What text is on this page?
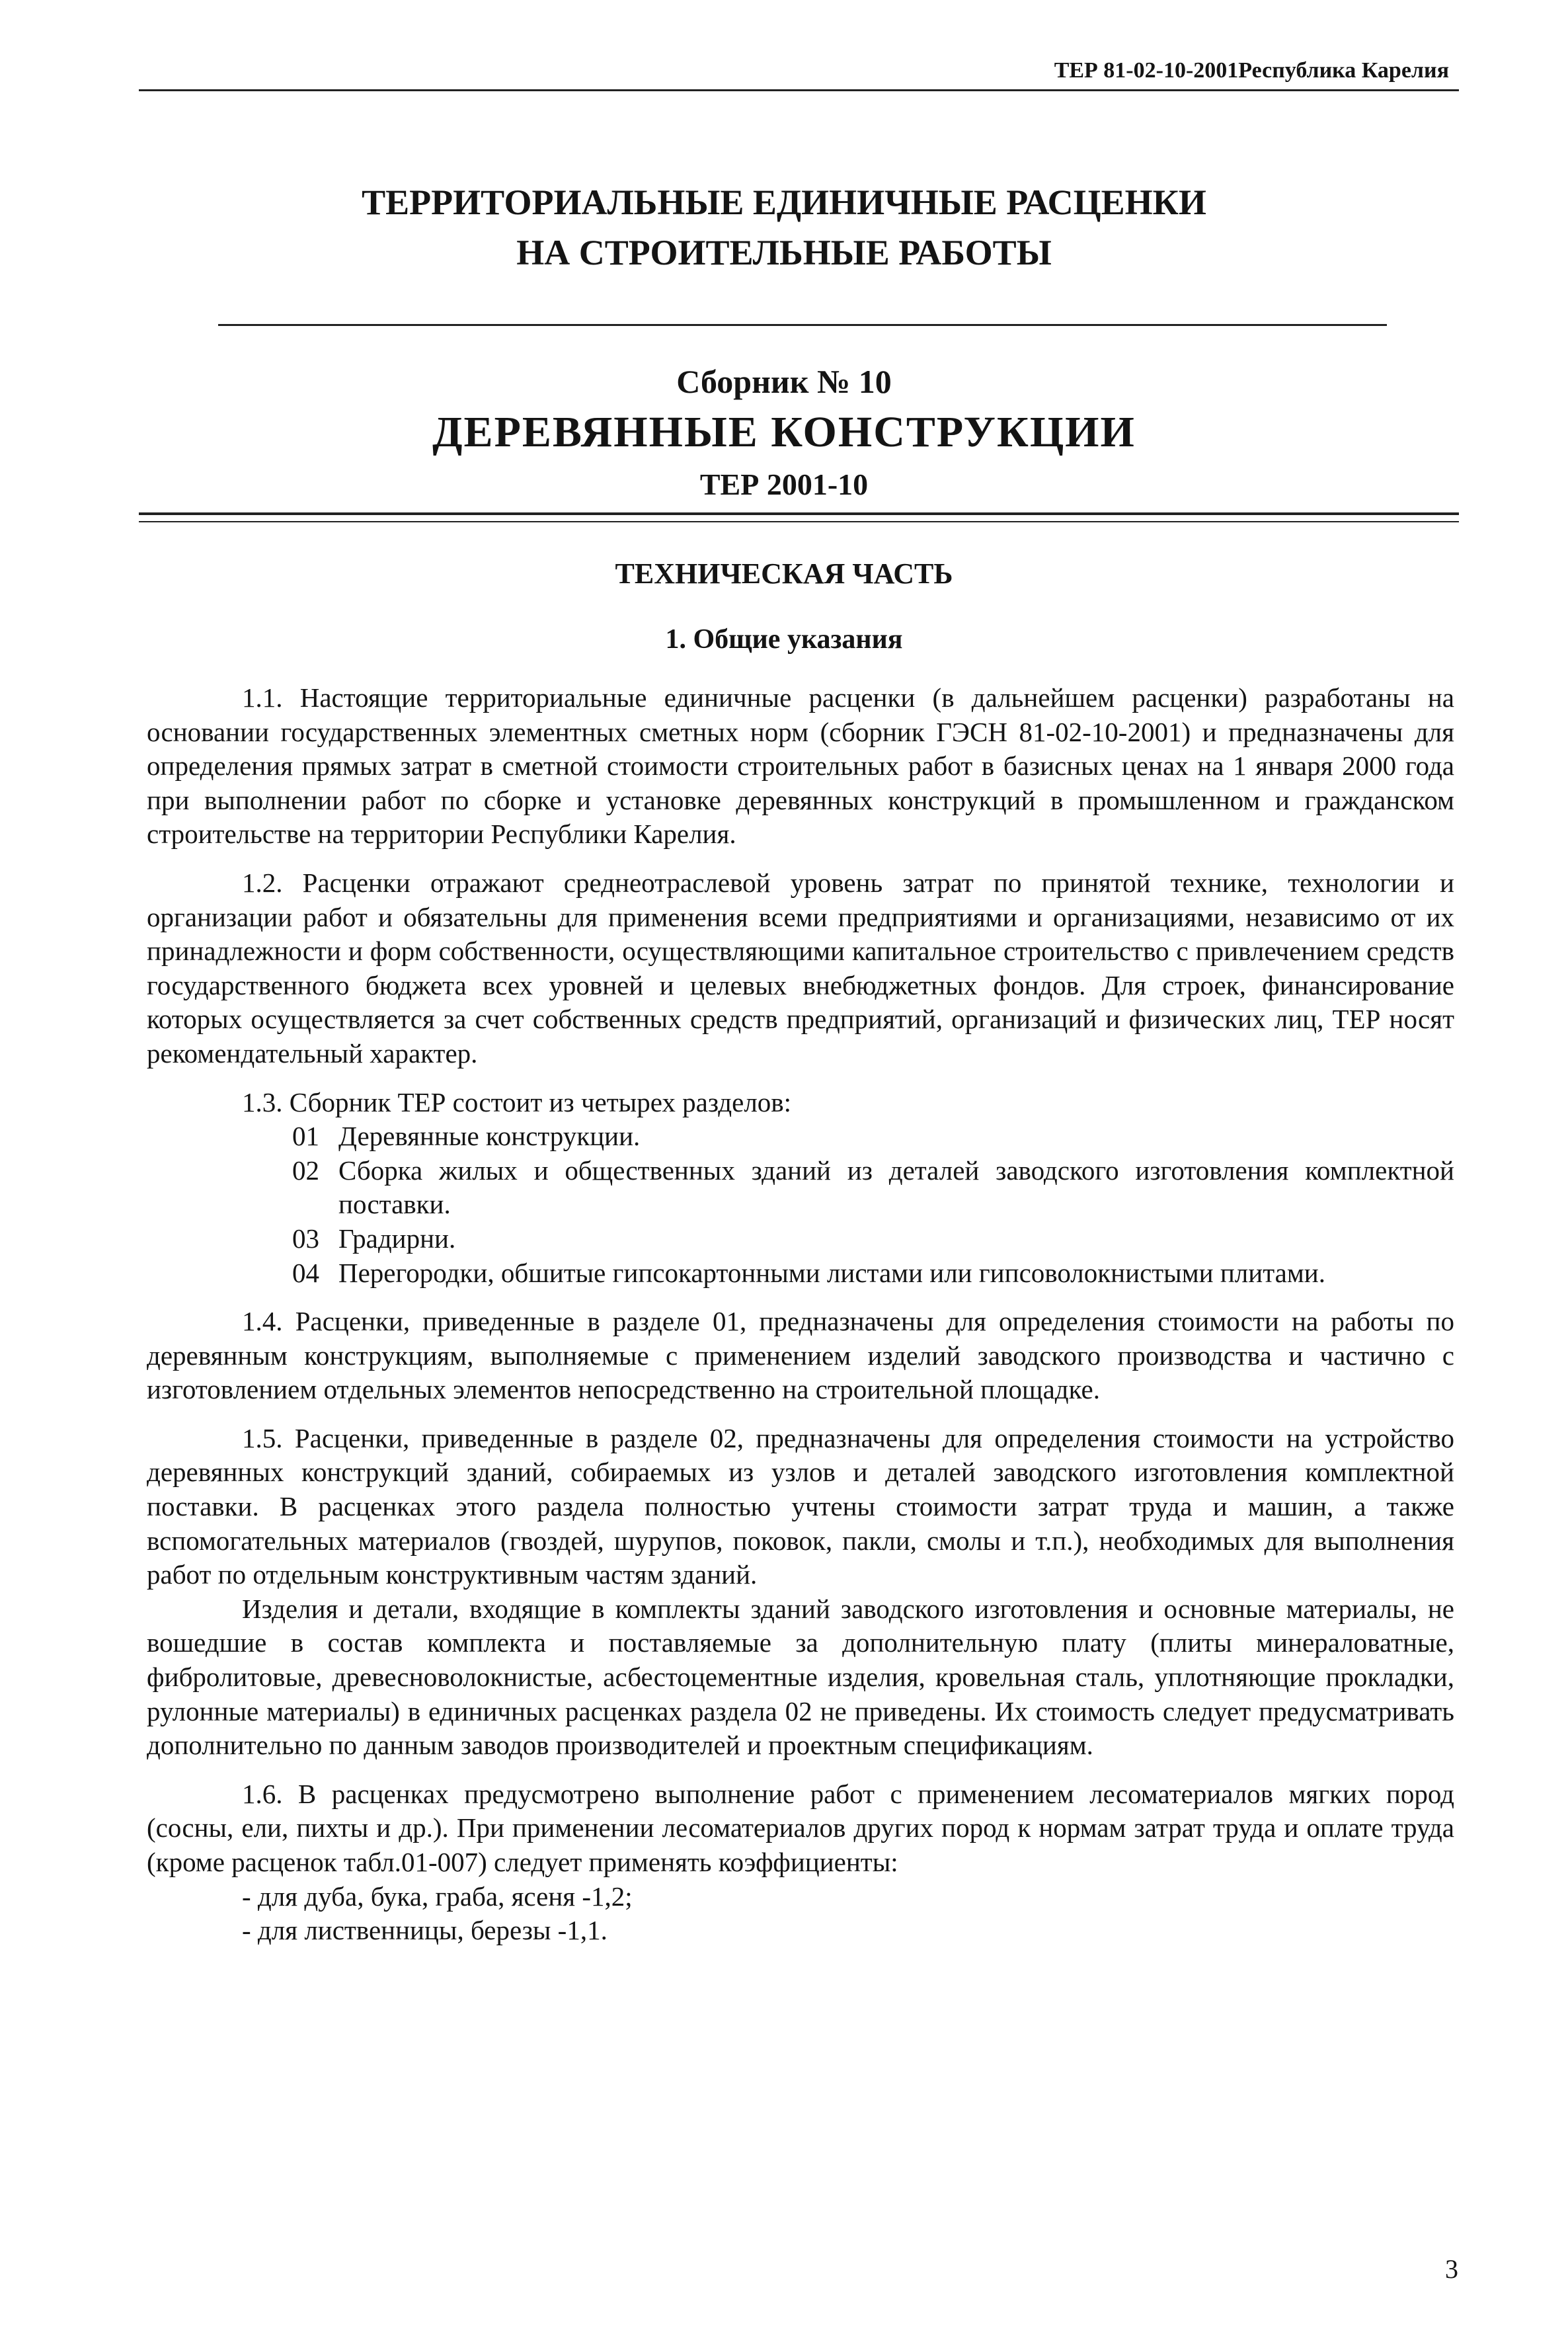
ТЕР 81-02-10-2001Республика Карелия
ТЕРРИТОРИАЛЬНЫЕ ЕДИНИЧНЫЕ РАСЦЕНКИ
НА СТРОИТЕЛЬНЫЕ РАБОТЫ
Сборник № 10
ДЕРЕВЯННЫЕ КОНСТРУКЦИИ
ТЕР 2001-10
ТЕХНИЧЕСКАЯ ЧАСТЬ
1. Общие указания

1.1. Настоящие территориальные единичные расценки (в дальнейшем расценки) разработаны на основании государственных элементных сметных норм (сборник ГЭСН 81-02-10-2001) и предназначены для определения прямых затрат в сметной стоимости строительных работ в базисных ценах на 1 января 2000 года при выполнении работ по сборке и установке деревянных конструкций в промышленном и гражданском строительстве на территории Республики Карелия.

1.2. Расценки отражают среднеотраслевой уровень затрат по принятой технике, технологии и организации работ и обязательны для применения всеми предприятиями и организациями, независимо от их принадлежности и форм собственности, осуществляющими капитальное строительство с привлечением средств государственного бюджета всех уровней и целевых внебюджетных фондов. Для строек, финансирование которых осуществляется за счет собственных средств предприятий, организаций и физических лиц, ТЕР носят рекомендательный характер.

1.3. Сборник ТЕР состоит из четырех разделов:

01 Деревянные конструкции.
02 Сборка жилых и общественных зданий из деталей заводского изготовления комплектной поставки.
03 Градирни.
04 Перегородки, обшитые гипсокартонными листами или гипсоволокнистыми плитами.

1.4. Расценки, приведенные в разделе 01, предназначены для определения стоимости на работы по деревянным конструкциям, выполняемые с применением изделий заводского производства и частично с изготовлением отдельных элементов непосредственно на строительной площадке.

1.5. Расценки, приведенные в разделе 02, предназначены для определения стоимости на устройство деревянных конструкций зданий, собираемых из узлов и деталей заводского изготовления комплектной поставки. В расценках этого раздела полностью учтены стоимости затрат труда и машин, а также вспомогательных материалов (гвоздей, шурупов, поковок, пакли, смолы и т.п.), необходимых для выполнения работ по отдельным конструктивным частям зданий.

Изделия и детали, входящие в комплекты зданий заводского изготовления и основные материалы, не вошедшие в состав комплекта и поставляемые за дополнительную плату (плиты минераловатные, фибролитовые, древесноволокнистые, асбестоцементные изделия, кровельная сталь, уплотняющие прокладки, рулонные материалы) в единичных расценках раздела 02 не приведены. Их стоимость следует предусматривать дополнительно по данным заводов производителей и проектным спецификациям.

1.6. В расценках предусмотрено выполнение работ с применением лесоматериалов мягких пород (сосны, ели, пихты и др.). При применении лесоматериалов других пород к нормам затрат труда и оплате труда (кроме расценок табл.01-007) следует применять коэффициенты:

- для дуба, бука, граба, ясеня -1,2;

- для лиственницы, березы -1,1.

3
